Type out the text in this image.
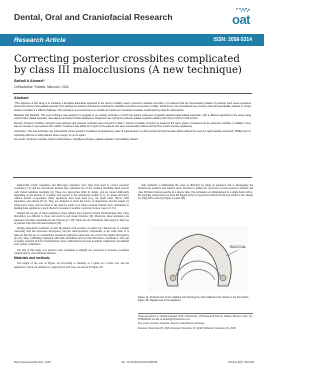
Dental, Oral and Craniofacial Research	oat
Research Article	ISSN: 2058-5314
Correcting posterior crossbites complicated by class III malocclusions (A new technique)
Saihail A Alenazi*
Orthodontist, Rabeia, Missouri, USA
Abstract

"(The objective of this study is to introduce a simplified alternative approach to the current modality used in posterior crossbite correction. It is believed that the nonrelocating relation of posterior teeth cause persistent recurrence forces of the palatal expander from eliciting the desired movements rendering the crossbite correction an exercise in futility. Furthermore, the conventional use of heavy Class III intermaxillary elastics to correct anterior crossbite is a difficult challenge. This technique is presented here to simplify the treatment of posterior crossbite complicated by class III malocclusion.

Materials and Methods: This new technique was designed to upgrade to an existing technique in which the patient undergoes surgically assisted rapid palatal expansion, with a different approach to the setup using custom lower palatal expander, clear aligner and lower bonded appliances. Expansion rate (using the posterior palatal expander elastics) over three months in both arches.

Results: Posterior crossbite correction was achieved and posterior occlusion was corrected to class I. Anterior crossbite correction is treated in the same phase of treatment as the posterior crossbite. In addition, there was an increase in over-jet/over-bite relation. Treatment was stable for 2 years in the patients that were successfully retained during three month retention appliances.

Conclusion: This new technique can successfully correct posterior crossbites complicated by class III malocclusion in a short period with minimal side effects without the need for rapid maxillary expansion (RME) and it is especially effective in adult patients where surgery is not an option.

Key words: Posterior crossbite, class III malocclusion, simplified technique, palatal expander, intermaxillary elastics

Removable acrylic expanders and Haas-type expanders have long been used to correct posterior crossbites [1-3], and are well known because they constitute two of the common modalities most used in early mixed dentition treatment [4]. These two approaches differ in design, and are treated differently depending on the amount of crossbite with respect to the orthodontic patient [5-7]. To ensure efficiency without patient co-operation, many appliances have been used (e.g., the Quad helix, Hyrax, NiTi expanders, and others) [8-11]. They are designed to resist the forces of mastication and the tongue by using heavy wires, and are fixed to the teeth by bands [12]. These resistant features have contributed to making these appliances a good choice for posterior crossbite correction in most cases [13-15].

Despite the success of these appliances, many authors have reported several disadvantages: they cause discomfort, are difficult to clean, and result in soft tissue irritation [16]. Moreover, these appliances are expensive and time-consuming for the clinician [17-19]. There are also limitations with regard to their use in patients with class III malocclusions [20].

During orthodontic treatment of class III patients with posterior crossbite, the clinician has to consider correcting both the transverse discrepancy and the anteroposterior relationship at the same time. It is believed that the use of conventional expansion appliances alone does not correct the sagittal discrepancy [21,22]. Thus, combining expansion with other modalities such as Class III elastics, facemask or chin cup is usually required [23,24]. Unfortunately, these combinations increase treatment complexity and demand strict patient compliance.

The aim of this study is to present a new technique to simplify the correction of posterior crossbites complicated by class III malocclusions.

Materials and methods

The length of the rods in Figure 1A (according to Alenazi) as a guide on a study cast, and the appliances, which are soldered to a rigid buccal arch wire, are shown in Figure 1B.

arms primarily at eliminating the cause of difficulty by using an appliance that is disengaging the blocked-out posterior and anterior teeth, therefore it makes the correction of both posterior crossbite and class III malocclusion possible in a shorter time. The technique was implemented in a single dental office. By applying transverse force from the lingual surface of posterior teeth (from the first molar to the canine) by using NiTi archwire (Figure 1A and 1B).

BUCCAL
Figure 1A. Occlusal view of the maxillary arch showing the rods soldered to the bands on the first molars. Figure 1B. Sagittal view of the appliance
*Correspondence to: Saihail A Alenazi, DDS, Orthodontist, 1700 Research Park Dr, Rabeia, Missouri, USA, Tel: 5736891234; E-mail: dr.alenazi@orthodontics.com
Key words: posterior crossbite, class III, malocclusion, technique
Received: November 05, 2018; Accepted: November 24, 2018; Published: November 29, 2018
Dent Oral Craniofac Res, 2019	doi: 10.15761/DOCR.1000376	Volume 5(5): 343-345
